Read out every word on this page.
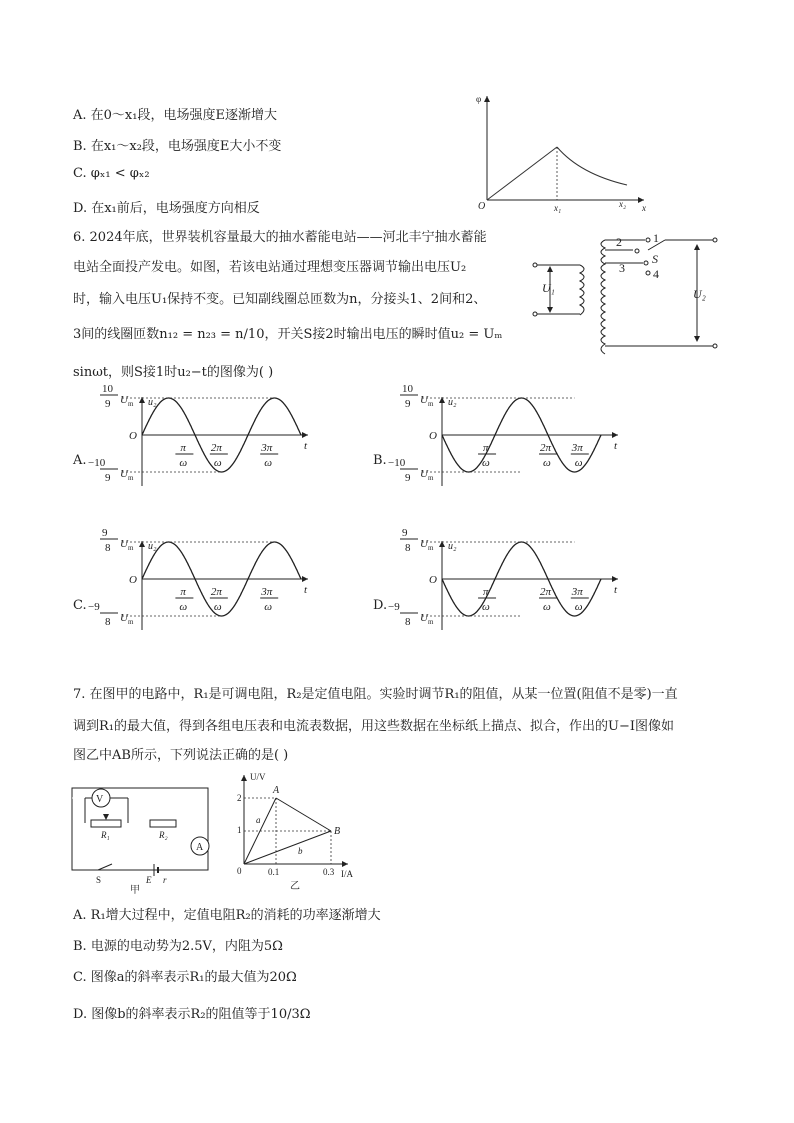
A. 在0～x₁段，电场强度E逐渐增大
B. 在x₁～x₂段，电场强度E大小不变
C. φₓ₁ < φₓ₂
D. 在x₁前后，电场强度方向相反
φ
O	x₁	x₂ x
6. 2024年底，世界装机容量最大的抽水蓄能电站——河北丰宁抽水蓄能
电站全面投产发电。如图，若该电站通过理想变压器调节输出电压U₂
时，输入电压U₁保持不变。已知副线圈总匝数为n，分接头1、2间和2、
3间的线圈匝数n₁₂ = n₂₃ = n/10，开关S接2时输出电压的瞬时值u₂ = Uₘ
sinωt，则S接1时u₂−t的图像为( )
U₁
1
2
3 4
S
U₂
A.	B.
C.	D.
u₂
O
t
10
9 U m
−10
9 U m
π
ω
2π
ω
3π
ω
u₂
O
t
10
9 U m
−10
9 U m
π
ω
2π
ω
3π
ω
u₂
O
t
9
8 U m
−9
8 U m
π
ω
2π
ω
3π
ω
u₂
O
t
9
8 U m
−9
8 U m
π
ω
2π
ω
3π
ω
7. 在图甲的电路中，R₁是可调电阻，R₂是定值电阻。实验时调节R₁的阻值，从某一位置(阻值不是零)一直
调到R₁的最大值，得到各组电压表和电流表数据，用这些数据在坐标纸上描点、拟合，作出的U−I图像如
图乙中AB所示，下列说法正确的是( )
V
R₁	R₂
A
S	E r
甲
U/V
I/A
0
2
1
0.1	0.3
A
B
a
b
乙
A. R₁增大过程中，定值电阻R₂的消耗的功率逐渐增大
B. 电源的电动势为2.5V，内阻为5Ω
C. 图像a的斜率表示R₁的最大值为20Ω
D. 图像b的斜率表示R₂的阻值等于10/3Ω
